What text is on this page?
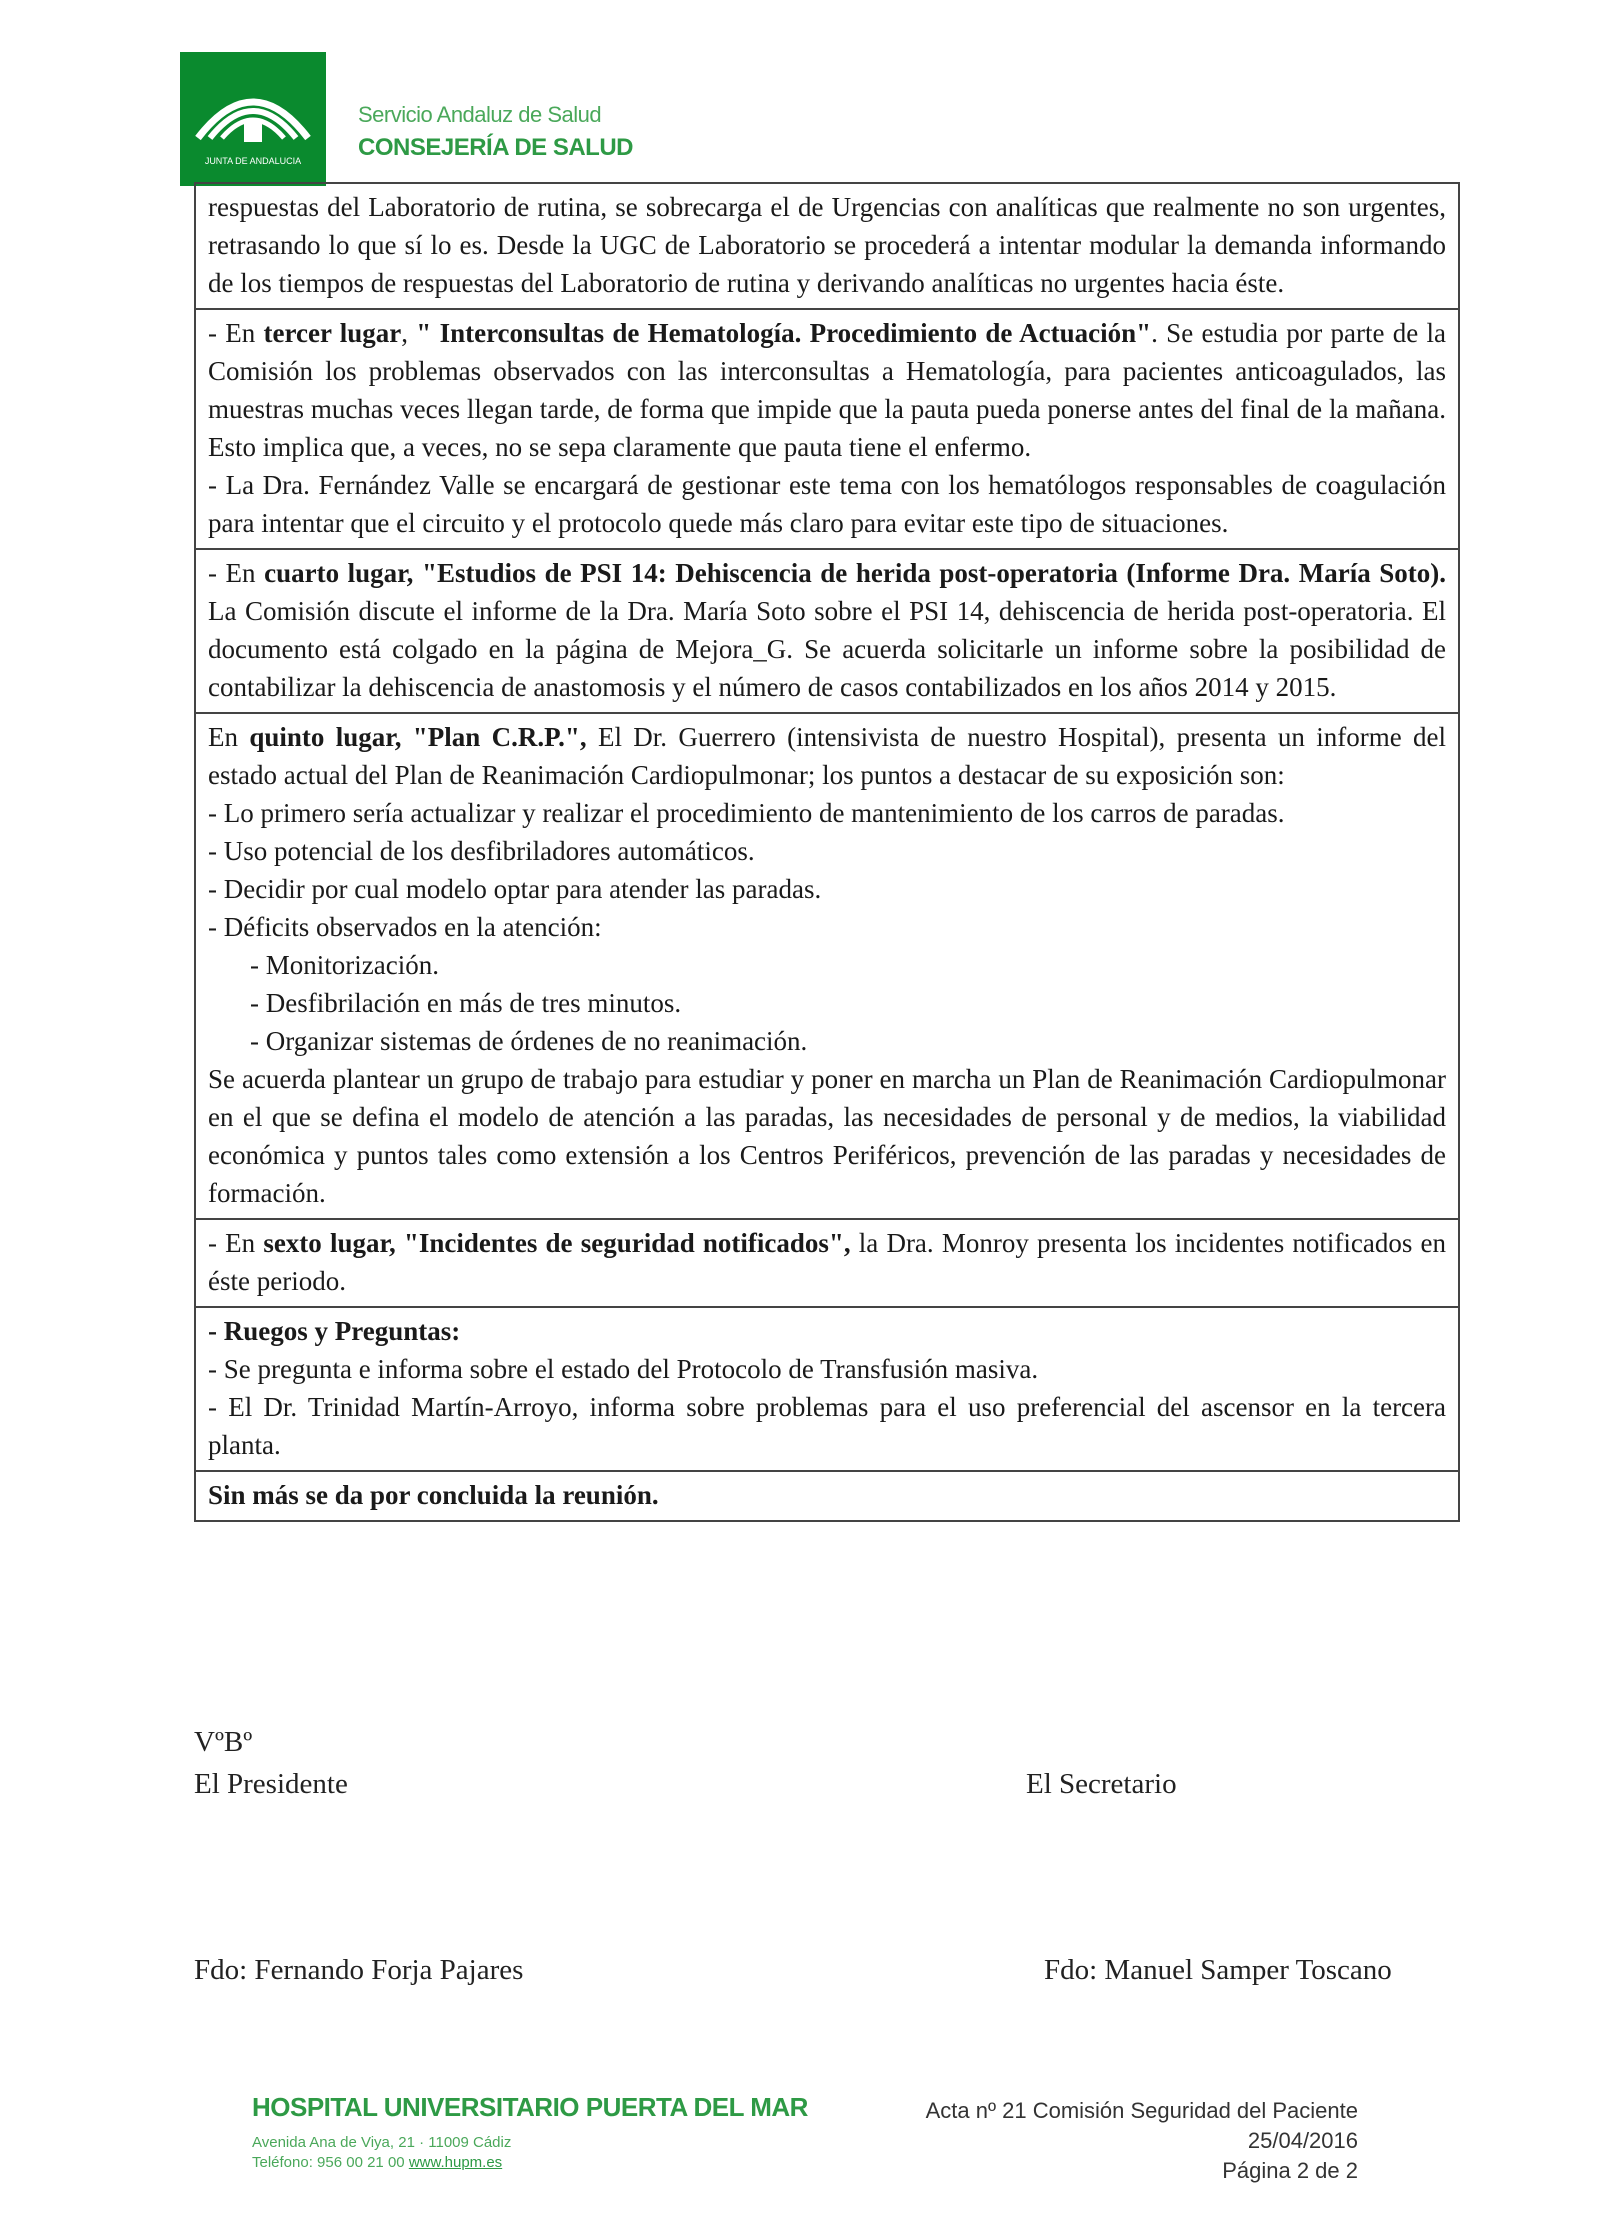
JUNTA DE ANDALUCIA
Servicio Andaluz de Salud
CONSEJERÍA DE SALUD

respuestas del Laboratorio de rutina, se sobrecarga el de Urgencias con analíticas que realmente no son urgentes, retrasando lo que sí lo es. Desde la UGC de Laboratorio se procederá a intentar modular la demanda informando de los tiempos de respuestas del Laboratorio de rutina y derivando analíticas no urgentes hacia éste.

- En tercer lugar, " Interconsultas de Hematología. Procedimiento de Actuación". Se estudia por parte de la Comisión los problemas observados con las interconsultas a Hematología, para pacientes anticoagulados, las muestras muchas veces llegan tarde, de forma que impide que la pauta pueda ponerse antes del final de la mañana. Esto implica que, a veces, no se sepa claramente que pauta tiene el enfermo.

- La Dra. Fernández Valle se encargará de gestionar este tema con los hematólogos responsables de coagulación para intentar que el circuito y el protocolo quede más claro para evitar este tipo de situaciones.

- En cuarto lugar, "Estudios de PSI 14: Dehiscencia de herida post-operatoria (Informe Dra. María Soto). La Comisión discute el informe de la Dra. María Soto sobre el PSI 14, dehiscencia de herida post-operatoria. El documento está colgado en la página de Mejora_G. Se acuerda solicitarle un informe sobre la posibilidad de contabilizar la dehiscencia de anastomosis y el número de casos contabilizados en los años 2014 y 2015.

En quinto lugar, "Plan C.R.P.", El Dr. Guerrero (intensivista de nuestro Hospital), presenta un informe del estado actual del Plan de Reanimación Cardiopulmonar; los puntos a destacar de su exposición son:

- Lo primero sería actualizar y realizar el procedimiento de mantenimiento de los carros de paradas.

- Uso potencial de los desfibriladores automáticos.

- Decidir por cual modelo optar para atender las paradas.

- Déficits observados en la atención:

- Monitorización.

- Desfibrilación en más de tres minutos.

- Organizar sistemas de órdenes de no reanimación.

Se acuerda plantear un grupo de trabajo para estudiar y poner en marcha un Plan de Reanimación Cardiopulmonar en el que se defina el modelo de atención a las paradas, las necesidades de personal y de medios, la viabilidad económica y puntos tales como extensión a los Centros Periféricos, prevención de las paradas y necesidades de formación.

- En sexto lugar, "Incidentes de seguridad notificados", la Dra. Monroy presenta los incidentes notificados en éste periodo.

- Ruegos y Preguntas:

- Se pregunta e informa sobre el estado del Protocolo de Transfusión masiva.

- El Dr. Trinidad Martín-Arroyo, informa sobre problemas para el uso preferencial del ascensor en la tercera planta.

Sin más se da por concluida la reunión.

VºBº
El Presidente	El Secretario
Fdo: Fernando Forja Pajares	Fdo: Manuel Samper Toscano
HOSPITAL UNIVERSITARIO PUERTA DEL MAR
Avenida Ana de Viya, 21 · 11009 Cádiz
Teléfono: 956 00 21 00 www.hupm.es
Acta nº 21 Comisión Seguridad del Paciente
25/04/2016
Página 2 de 2
